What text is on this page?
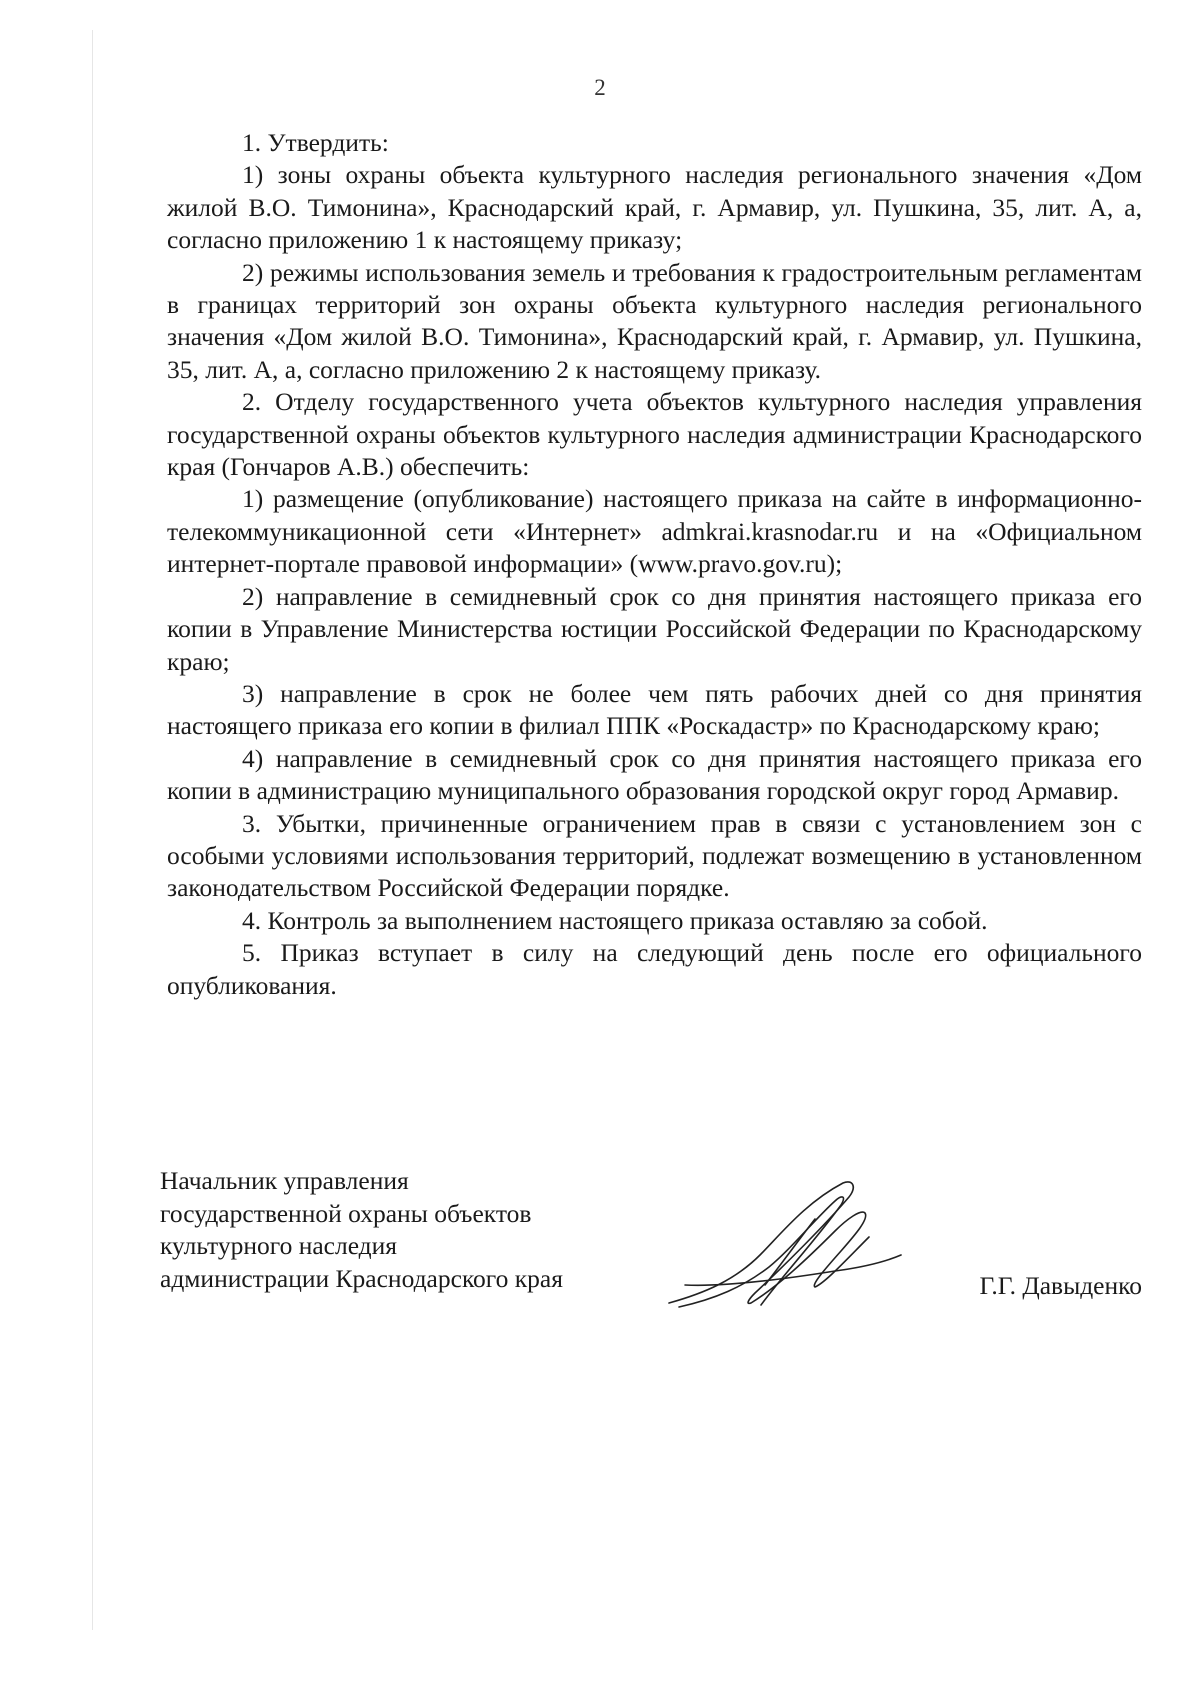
2

1. Утвердить:

1) зоны охраны объекта культурного наследия регионального значения «Дом жилой В.О. Тимонина», Краснодарский край, г. Армавир, ул. Пушкина, 35, лит. А, а, согласно приложению 1 к настоящему приказу;

2) режимы использования земель и требования к градостроительным регламентам в границах территорий зон охраны объекта культурного наследия регионального значения «Дом жилой В.О. Тимонина», Краснодарский край, г. Армавир, ул. Пушкина, 35, лит. А, а, согласно приложению 2 к настоящему приказу.

2. Отделу государственного учета объектов культурного наследия управления государственной охраны объектов культурного наследия администрации Краснодарского края (Гончаров А.В.) обеспечить:

1) размещение (опубликование) настоящего приказа на сайте в информационно-телекоммуникационной сети «Интернет» admkrai.krasnodar.ru и на «Официальном интернет-портале правовой информации» (www.pravo.gov.ru);

2) направление в семидневный срок со дня принятия настоящего приказа его копии в Управление Министерства юстиции Российской Федерации по Краснодарскому краю;

3) направление в срок не более чем пять рабочих дней со дня принятия настоящего приказа его копии в филиал ППК «Роскадастр» по Краснодарскому краю;

4) направление в семидневный срок со дня принятия настоящего приказа его копии в администрацию муниципального образования городской округ город Армавир.

3. Убытки, причиненные ограничением прав в связи с установлением зон с особыми условиями использования территорий, подлежат возмещению в установленном законодательством Российской Федерации порядке.

4. Контроль за выполнением настоящего приказа оставляю за собой.

5. Приказ вступает в силу на следующий день после его официального опубликования.

Начальник управления
государственной охраны объектов
культурного наследия
администрации Краснодарского края	Г.Г. Давыденко
